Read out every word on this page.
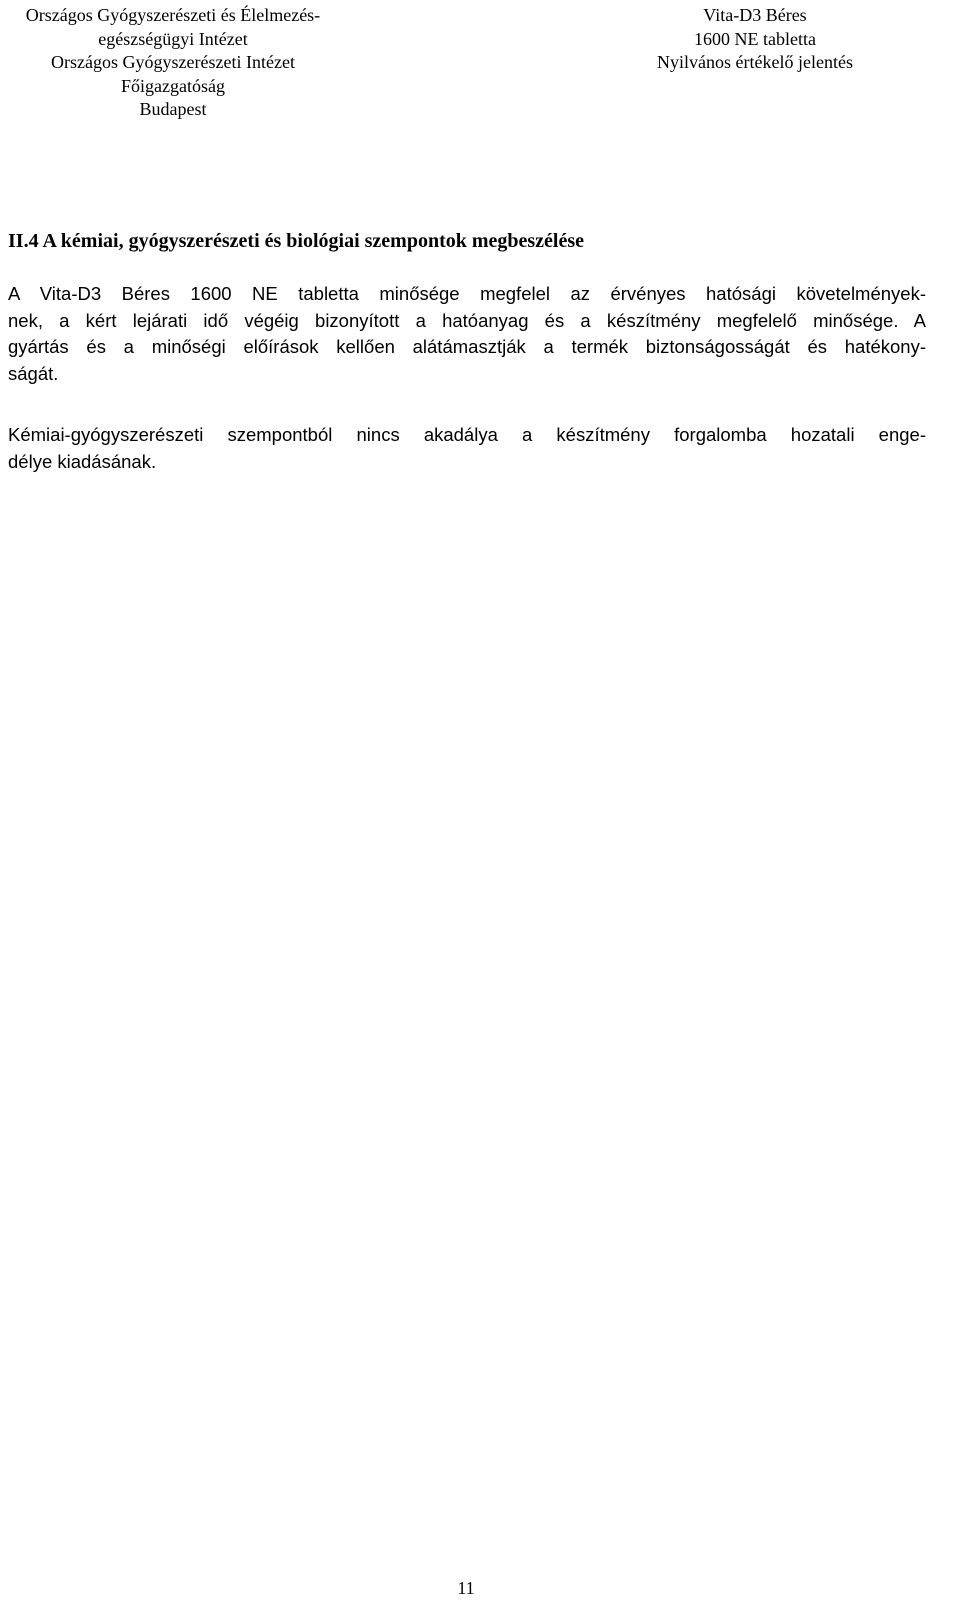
Országos Gyógyszerészeti és Élelmezés-
egészségügyi Intézet
Országos Gyógyszerészeti Intézet
Főigazgatóság
Budapest
Vita-D3 Béres
1600 NE tabletta
Nyilvános értékelő jelentés
II.4 A kémiai, gyógyszerészeti és biológiai szempontok megbeszélése

A Vita-D3 Béres 1600 NE tabletta minősége megfelel az érvényes hatósági követelmények-
nek, a kért lejárati idő végéig bizonyított a hatóanyag és a készítmény megfelelő minősége. A
gyártás és a minőségi előírások kellően alátámasztják a termék biztonságosságát és hatékony-
ságát.

Kémiai-gyógyszerészeti szempontból nincs akadálya a készítmény forgalomba hozatali enge-
délye kiadásának.

11
